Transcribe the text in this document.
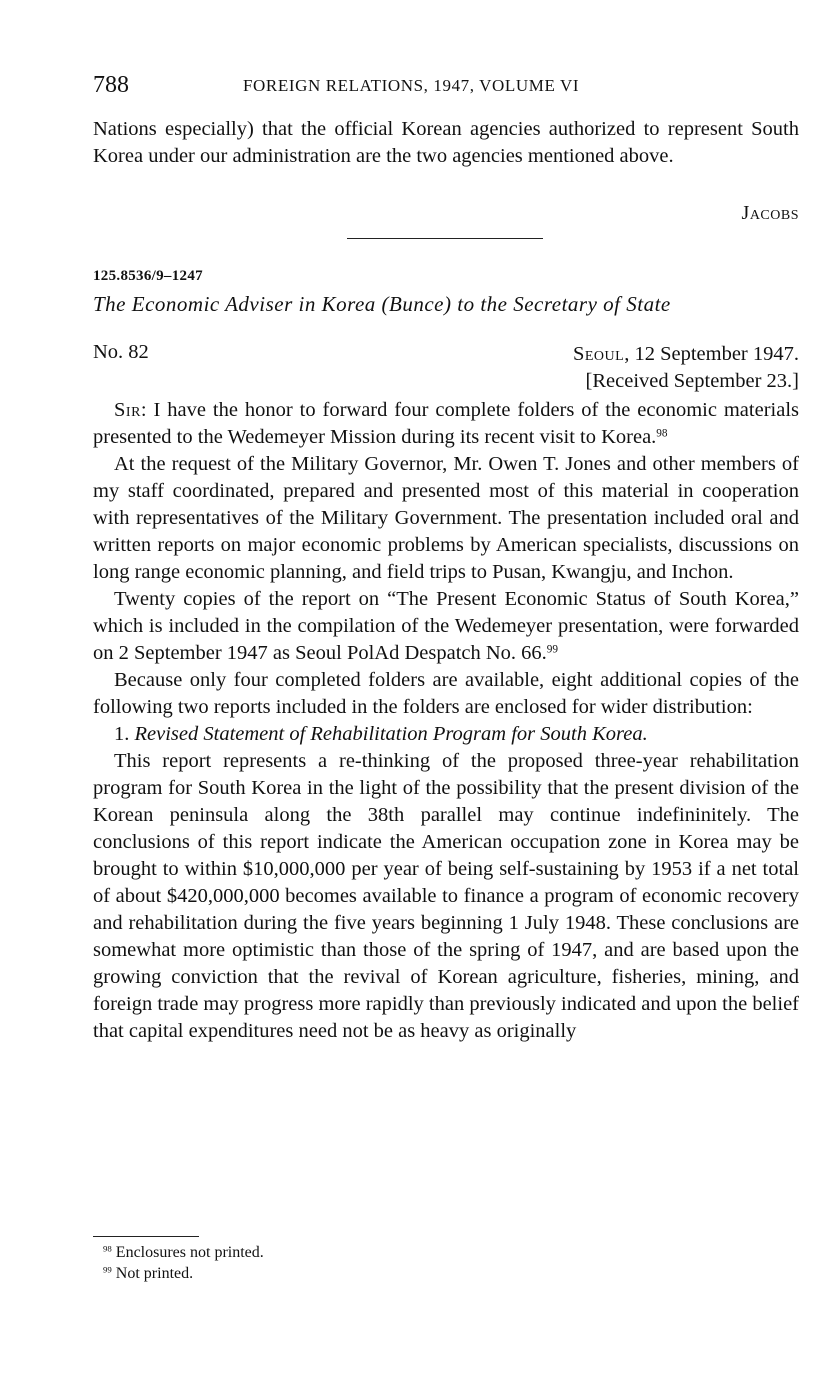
788	FOREIGN RELATIONS, 1947, VOLUME VI

Nations especially) that the official Korean agencies authorized to represent South Korea under our administration are the two agencies mentioned above.

Jacobs
125.8536/9–1247
The Economic Adviser in Korea (Bunce) to the Secretary of State
No. 82	Seoul, 12 September 1947.
[Received September 23.]

Sir: I have the honor to forward four complete folders of the economic materials presented to the Wedemeyer Mission during its recent visit to Korea.$^{98}$

At the request of the Military Governor, Mr. Owen T. Jones and other members of my staff coordinated, prepared and presented most of this material in cooperation with representatives of the Military Government. The presentation included oral and written reports on major economic problems by American specialists, discussions on long range economic planning, and field trips to Pusan, Kwangju, and Inchon.

Twenty copies of the report on “The Present Economic Status of South Korea,” which is included in the compilation of the Wedemeyer presentation, were forwarded on 2 September 1947 as Seoul PolAd Despatch No. 66.99

Because only four completed folders are available, eight additional copies of the following two reports included in the folders are enclosed for wider distribution:

1. Revised Statement of Rehabilitation Program for South Korea.

This report represents a re-thinking of the proposed three-year rehabilitation program for South Korea in the light of the possibility that the present division of the Korean peninsula along the 38th parallel may continue indefininitely. The conclusions of this report indicate the American occupation zone in Korea may be brought to within $10,000,000 per year of being self-sustaining by 1953 if a net total of about $420,000,000 becomes available to finance a program of economic recovery and rehabilitation during the five years beginning 1 July 1948. These conclusions are somewhat more optimistic than those of the spring of 1947, and are based upon the growing conviction that the revival of Korean agriculture, fisheries, mining, and foreign trade may progress more rapidly than previously indicated and upon the belief that capital expenditures need not be as heavy as originally

$^{98}$ Enclosures not printed.
$^{99}$ Not printed.
